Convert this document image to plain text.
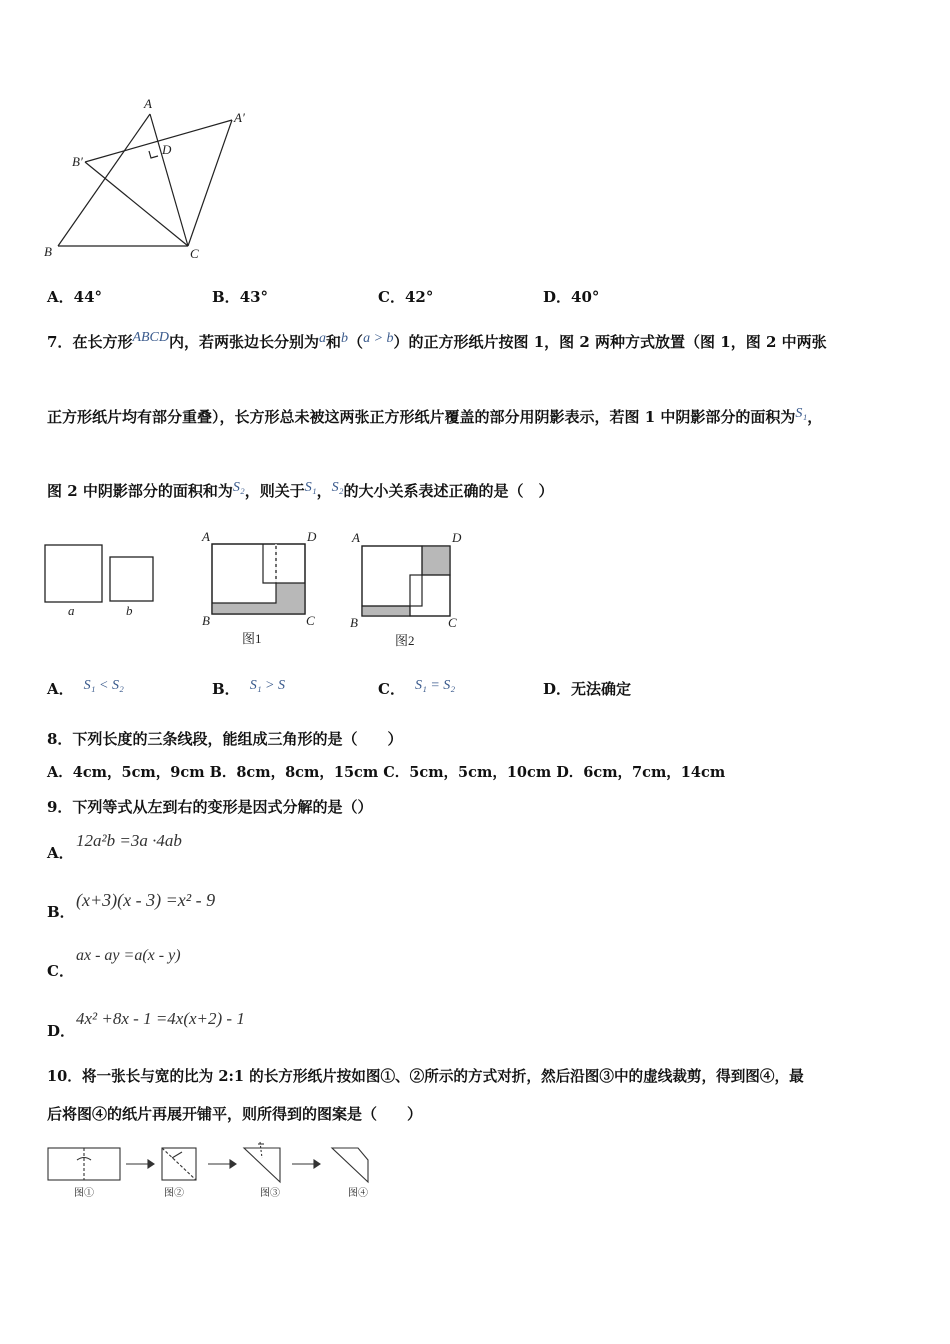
A
A′
B′
D
B	C
A．44°	B．43°	C．42°	D．40°
7．在长方形ABCD内，若两张边长分别为a和b（a > b）的正方形纸片按图 1，图 2 两种方式放置（图 1，图 2 中两张
正方形纸片均有部分重叠），长方形总未被这两张正方形纸片覆盖的部分用阴影表示，若图 1 中阴影部分的面积为S₁，
图 2 中阴影部分的面积和为S₂，则关于S₁，S₂的大小关系表述正确的是（　）
a	b
A	D
B	C
图1
A	D
B	C
图2
A． S₁ < S₂	B． S₁ > S	C． S₁ = S₂	D．无法确定
8．下列长度的三条线段，能组成三角形的是（　　）
A．4cm，5cm，9cm B．8cm，8cm，15cm C．5cm，5cm，10cm D．6cm，7cm，14cm
9．下列等式从左到右的变形是因式分解的是（）
A．
12a²b =3a ·4ab
B．
(x+3)(x - 3) =x² - 9
C．
ax - ay =a(x - y)
D．
4x² +8x - 1 =4x(x+2) - 1
10．将一张长与宽的比为 2:1 的长方形纸片按如图①、②所示的方式对折，然后沿图③中的虚线裁剪，得到图④，最
后将图④的纸片再展开铺平，则所得到的图案是（　　）
图①	图②	图③	图④
